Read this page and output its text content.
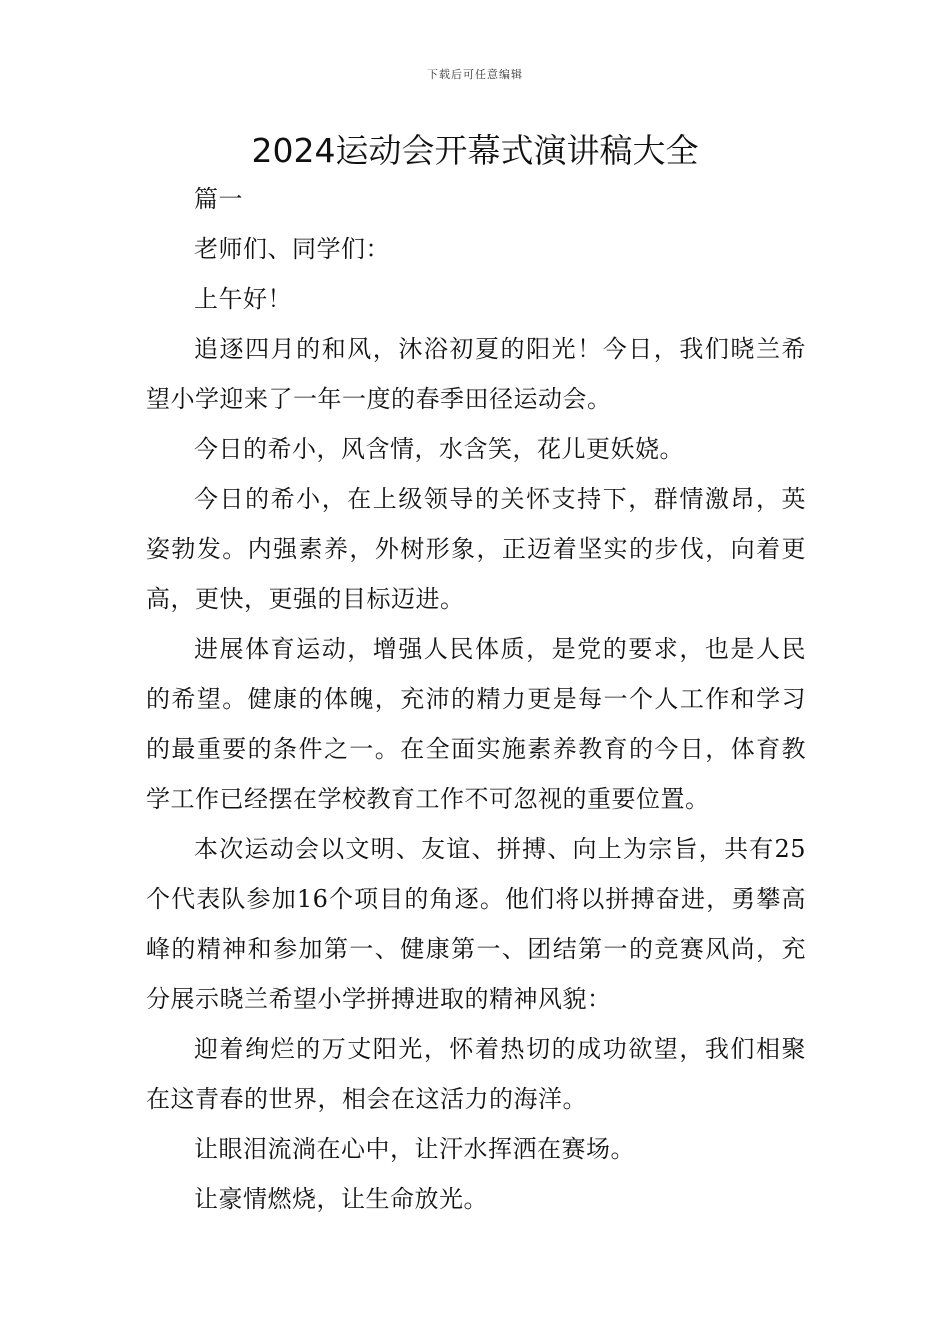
下载后可任意编辑
2024运动会开幕式演讲稿大全

篇一

老师们、同学们：

上午好！

追逐四月的和风，沐浴初夏的阳光！今日，我们晓兰希望小学迎来了一年一度的春季田径运动会。

今日的希小，风含情，水含笑，花儿更妖娆。

今日的希小，在上级领导的关怀支持下，群情激昂，英姿勃发。内强素养，外树形象，正迈着坚实的步伐，向着更高，更快，更强的目标迈进。

进展体育运动，增强人民体质，是党的要求，也是人民的希望。健康的体魄，充沛的精力更是每一个人工作和学习的最重要的条件之一。在全面实施素养教育的今日，体育教学工作已经摆在学校教育工作不可忽视的重要位置。

本次运动会以文明、友谊、拼搏、向上为宗旨，共有25个代表队参加16个项目的角逐。他们将以拼搏奋进，勇攀高峰的精神和参加第一、健康第一、团结第一的竞赛风尚，充分展示晓兰希望小学拼搏进取的精神风貌：

迎着绚烂的万丈阳光，怀着热切的成功欲望，我们相聚在这青春的世界，相会在这活力的海洋。

让眼泪流淌在心中，让汗水挥洒在赛场。

让豪情燃烧，让生命放光。
